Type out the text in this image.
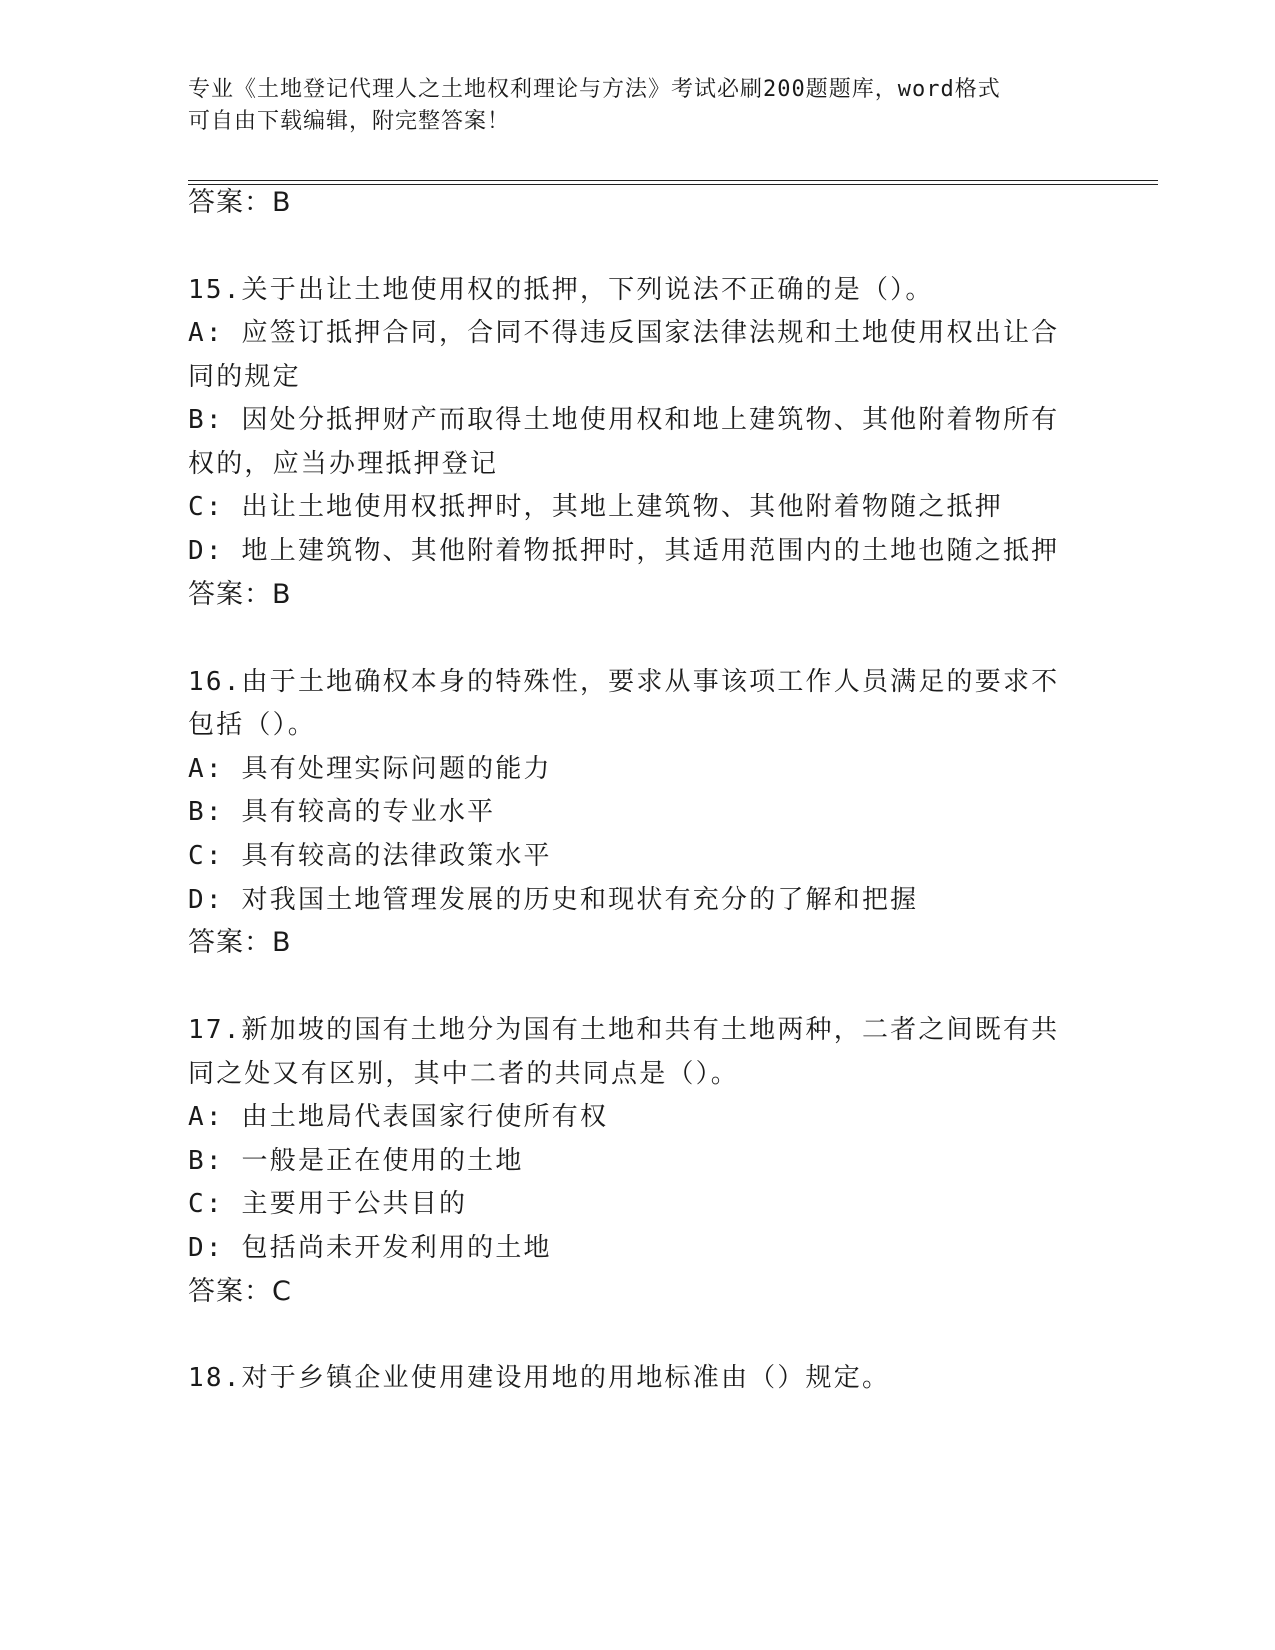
专业《土地登记代理人之土地权利理论与方法》考试必刷200题题库，word格式
可自由下载编辑，附完整答案！
答案：B
15.关于出让土地使用权的抵押，下列说法不正确的是（）。
A: 应签订抵押合同，合同不得违反国家法律法规和土地使用权出让合
同的规定
B: 因处分抵押财产而取得土地使用权和地上建筑物、其他附着物所有
权的，应当办理抵押登记
C: 出让土地使用权抵押时，其地上建筑物、其他附着物随之抵押
D: 地上建筑物、其他附着物抵押时，其适用范围内的土地也随之抵押
答案：B
16.由于土地确权本身的特殊性，要求从事该项工作人员满足的要求不
包括（）。
A: 具有处理实际问题的能力
B: 具有较高的专业水平
C: 具有较高的法律政策水平
D: 对我国土地管理发展的历史和现状有充分的了解和把握
答案：B
17.新加坡的国有土地分为国有土地和共有土地两种，二者之间既有共
同之处又有区别，其中二者的共同点是（）。
A: 由土地局代表国家行使所有权
B: 一般是正在使用的土地
C: 主要用于公共目的
D: 包括尚未开发利用的土地
答案：C
18.对于乡镇企业使用建设用地的用地标准由（）规定。
